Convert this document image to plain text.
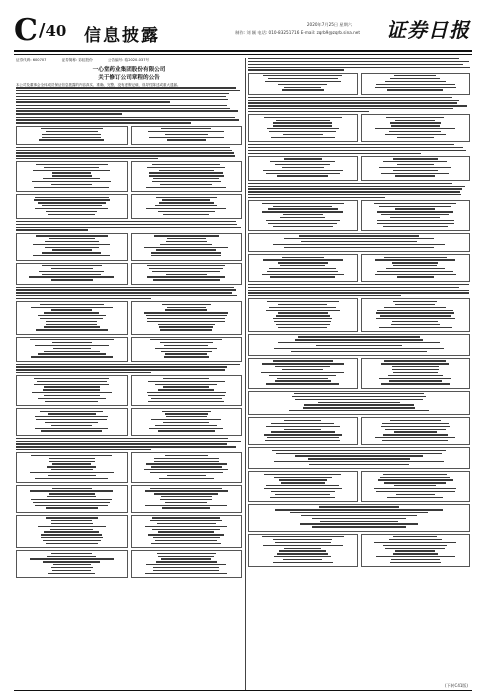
C/40 信息披露
2020年7月25日 星期六
制作: 刘 颖 电话: 010-83251716 E-mail: zqrb9@zqrb.sina.net 证券日报
证券代码: 600707	证券简称: 彩虹股份	公告编号: 临2020-037号
一心堂药业集团股份有限公司
关于修订公司章程的公告
本公司及董事会全体成员保证信息披露的内容真实、准确、完整，没有虚假记载、误导性陈述或重大遗漏。
(下转C41版)
